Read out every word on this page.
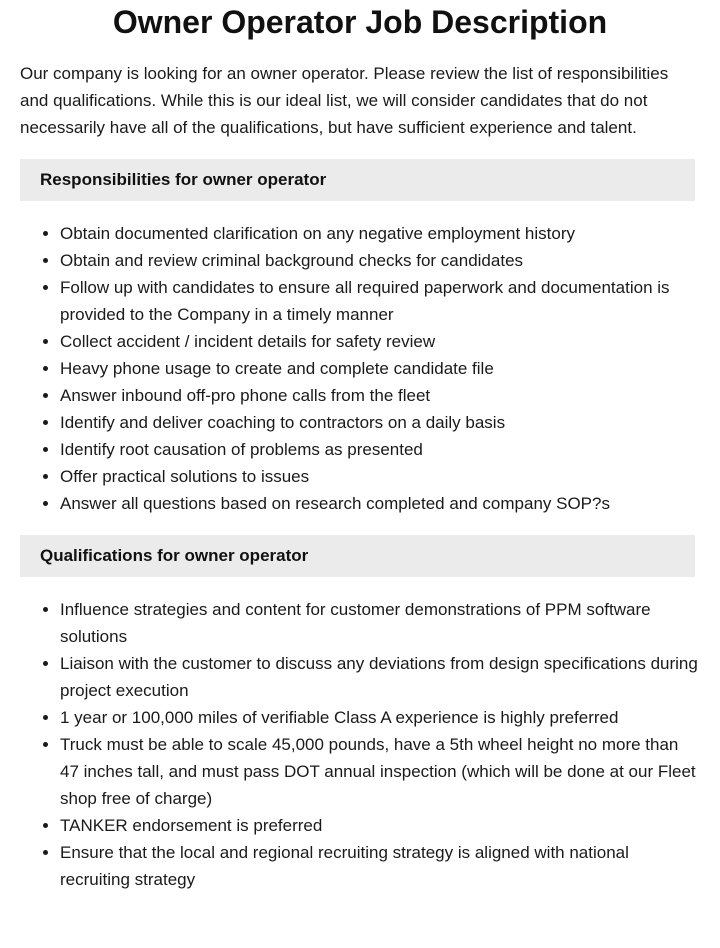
Owner Operator Job Description

Our company is looking for an owner operator. Please review the list of responsibilities and qualifications. While this is our ideal list, we will consider candidates that do not necessarily have all of the qualifications, but have sufficient experience and talent.

Responsibilities for owner operator
• Obtain documented clarification on any negative employment history
• Obtain and review criminal background checks for candidates
• Follow up with candidates to ensure all required paperwork and documentation is provided to the Company in a timely manner
• Collect accident / incident details for safety review
• Heavy phone usage to create and complete candidate file
• Answer inbound off-pro phone calls from the fleet
• Identify and deliver coaching to contractors on a daily basis
• Identify root causation of problems as presented
• Offer practical solutions to issues
• Answer all questions based on research completed and company SOP?s
Qualifications for owner operator
• Influence strategies and content for customer demonstrations of PPM software solutions
• Liaison with the customer to discuss any deviations from design specifications during project execution
• 1 year or 100,000 miles of verifiable Class A experience is highly preferred
• Truck must be able to scale 45,000 pounds, have a 5th wheel height no more than 47 inches tall, and must pass DOT annual inspection (which will be done at our Fleet shop free of charge)
• TANKER endorsement is preferred
• Ensure that the local and regional recruiting strategy is aligned with national recruiting strategy
